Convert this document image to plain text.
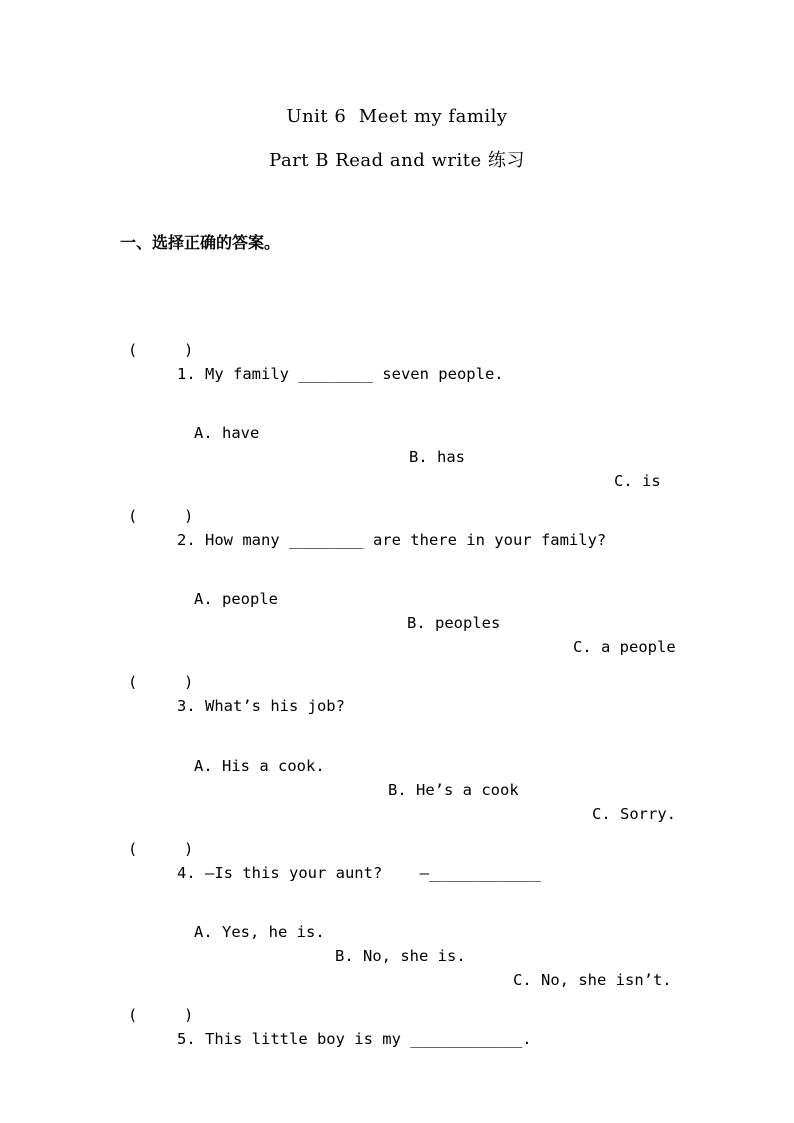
Unit 6  Meet my family
Part B Read and write 练习
一、选择正确的答案。

(     )

1. My family ________ seven people.

A. have

B. has

C. is

(     )

2. How many ________ are there in your family?

A. people

B. peoples

C. a people

(     )

3. What’s his job?

A. His a cook.

B. He’s a cook

C. Sorry.

(     )

4. —Is this your aunt?    —____________

A. Yes, he is.

B. No, she is.

C. No, she isn’t.

(     )

5. This little boy is my ____________.
